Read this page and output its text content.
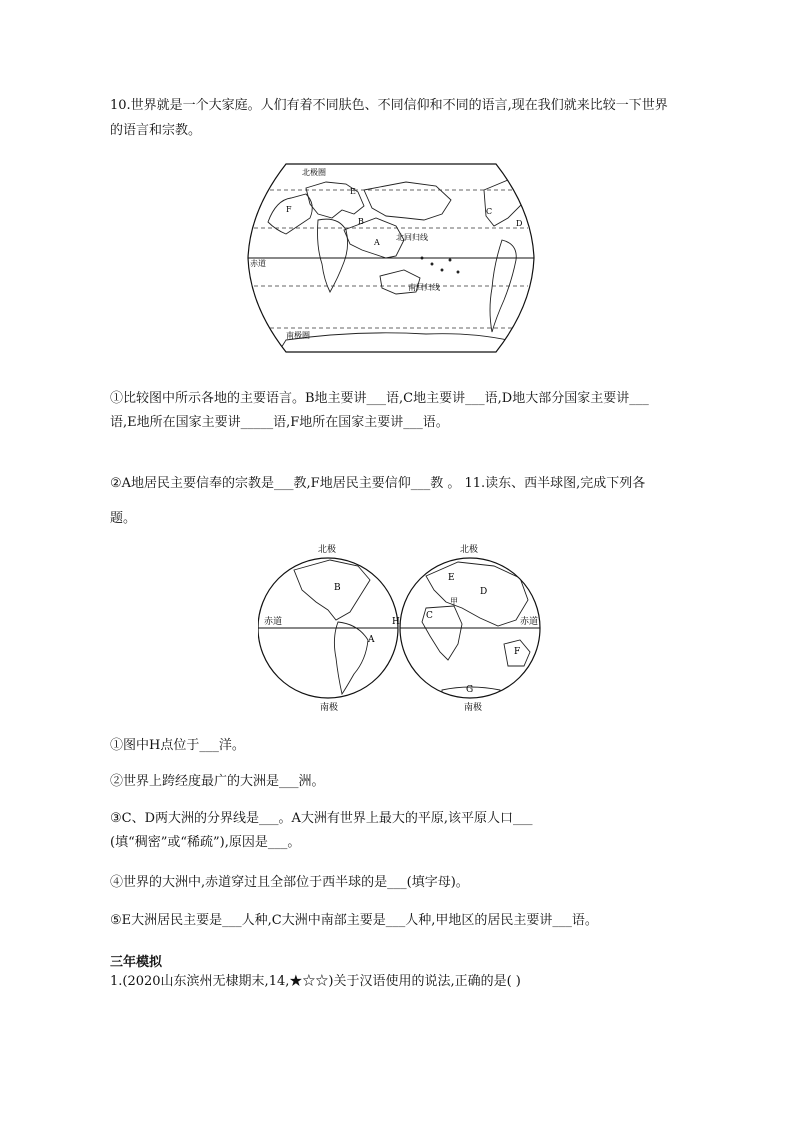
10.世界就是一个大家庭。人们有着不同肤色、不同信仰和不同的语言,现在我们就来比较一下世界
的语言和宗教。
北极圈
北回归线
赤道
南回归线
南极圈
E
B
A
F	C
D
①比较图中所示各地的主要语言。B地主要讲___语,C地主要讲___语,D地大部分国家主要讲___
语,E地所在国家主要讲_____语,F地所在国家主要讲___语。
②A地居民主要信奉的宗教是___教,F地居民主要信仰___教 。 11.读东、西半球图,完成下列各
题。
北极	北极
南极	南极
赤道	赤道
H
B
A
E
甲
D
C
F
G
①图中H点位于___洋。
②世界上跨经度最广的大洲是___洲。
③C、D两大洲的分界线是___。A大洲有世界上最大的平原,该平原人口___
(填“稠密”或“稀疏”),原因是___。
④世界的大洲中,赤道穿过且全部位于西半球的是___(填字母)。
⑤E大洲居民主要是___人种,C大洲中南部主要是___人种,甲地区的居民主要讲___语。
三年模拟
1.(2020山东滨州无棣期末,14,★☆☆)关于汉语使用的说法,正确的是( )
